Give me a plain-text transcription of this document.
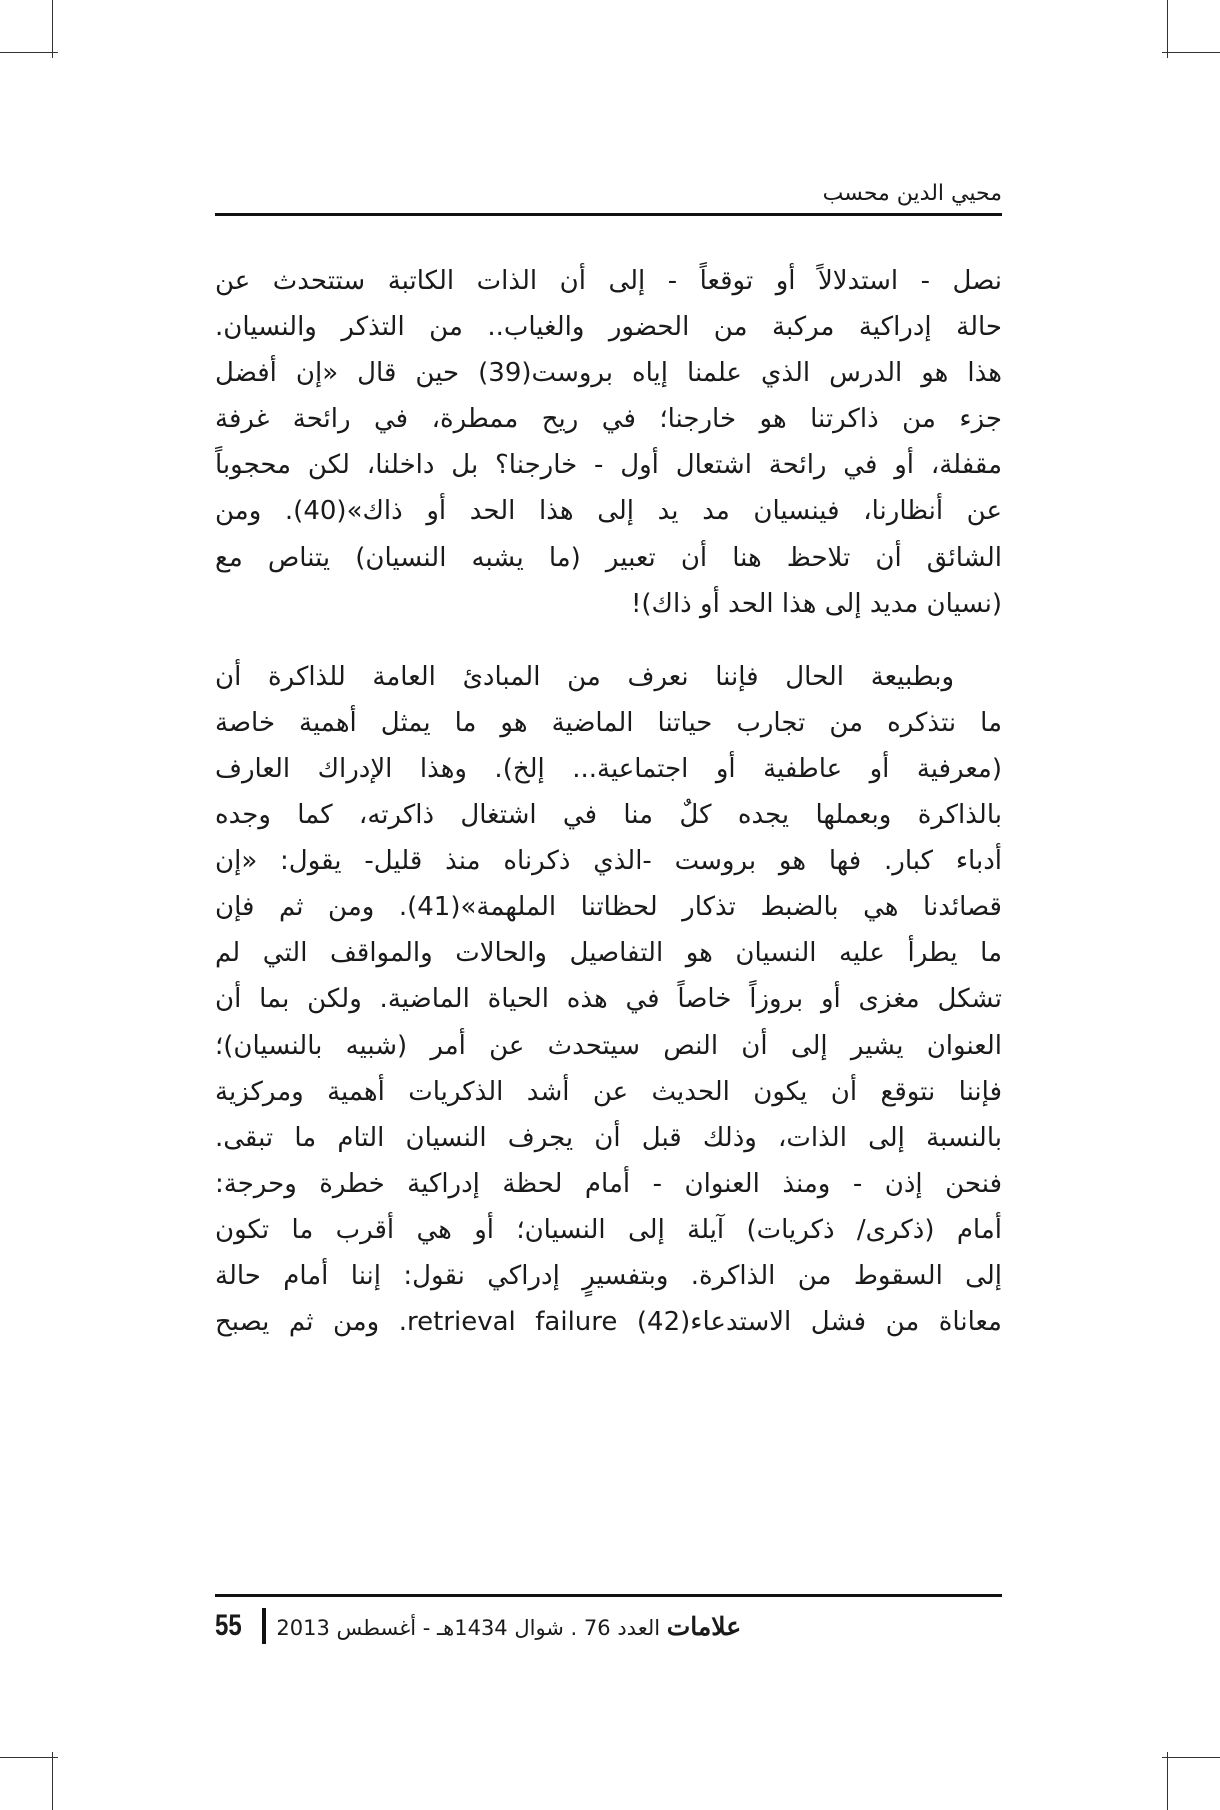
محيي الدين محسب

نصل - استدلالاً أو توقعاً - إلى أن الذات الكاتبة ستتحدث عن
حالة إدراكية مركبة من الحضور والغياب.. من التذكر والنسيان.
هذا هو الدرس الذي علمنا إياه بروست(39) حين قال «إن أفضل
جزء من ذاكرتنا هو خارجنا؛ في ريح ممطرة، في رائحة غرفة
مقفلة، أو في رائحة اشتعال أول - خارجنا؟ بل داخلنا، لكن محجوباً
عن أنظارنا، فينسيان مد يد إلى هذا الحد أو ذاك»(40). ومن
الشائق أن تلاحظ هنا أن تعبير (ما يشبه النسيان) يتناص مع
(نسيان مديد إلى هذا الحد أو ذاك)!

وبطبيعة الحال فإننا نعرف من المبادئ العامة للذاكرة أن
ما نتذكره من تجارب حياتنا الماضية هو ما يمثل أهمية خاصة
(معرفية أو عاطفية أو اجتماعية... إلخ). وهذا الإدراك العارف
بالذاكرة وبعملها يجده كلٌ منا في اشتغال ذاكرته، كما وجده
أدباء كبار. فها هو بروست -الذي ذكرناه منذ قليل- يقول: «إن
قصائدنا هي بالضبط تذكار لحظاتنا الملهمة»(41). ومن ثم فإن
ما يطرأ عليه النسيان هو التفاصيل والحالات والمواقف التي لم
تشكل مغزى أو بروزاً خاصاً في هذه الحياة الماضية. ولكن بما أن
العنوان يشير إلى أن النص سيتحدث عن أمر (شبيه بالنسيان)؛
فإننا نتوقع أن يكون الحديث عن أشد الذكريات أهمية ومركزية
بالنسبة إلى الذات، وذلك قبل أن يجرف النسيان التام ما تبقى.
فنحن إذن - ومنذ العنوان - أمام لحظة إدراكية خطرة وحرجة:
أمام (ذكرى/ ذكريات) آيلة إلى النسيان؛ أو هي أقرب ما تكون
إلى السقوط من الذاكرة. وبتفسيرٍ إدراكي نقول: إننا أمام حالة
معاناة من فشل الاستدعاء(42) retrieval failure. ومن ثم يصبح

55	علامات العدد 76 . شوال 1434هـ - أغسطس 2013
